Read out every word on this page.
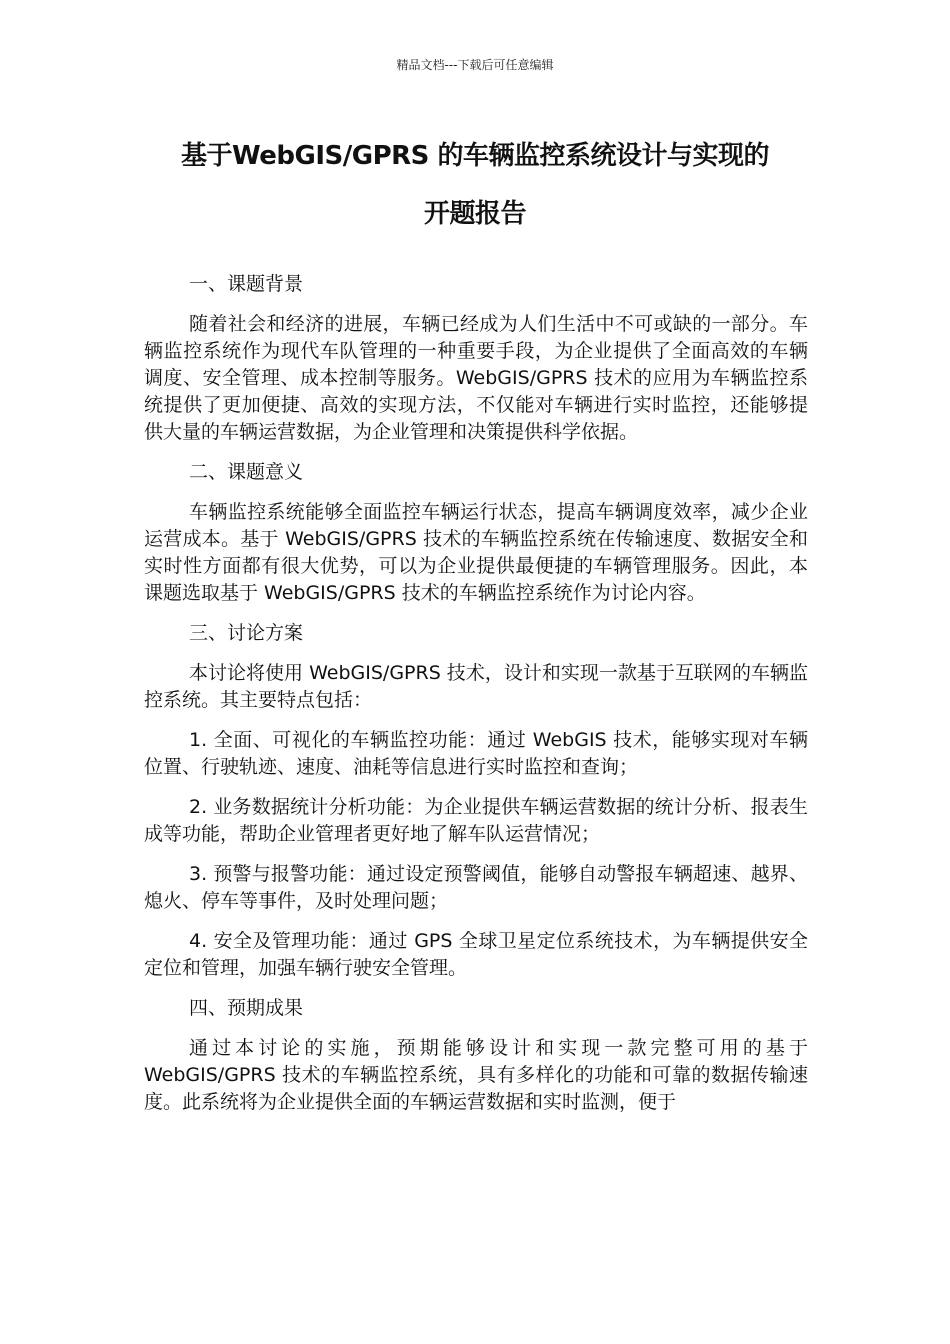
精品文档---下载后可任意编辑
基于WebGIS/GPRS 的车辆监控系统设计与实现的
开题报告

一、课题背景

随着社会和经济的进展，车辆已经成为人们生活中不可或缺的一部分。车辆监控系统作为现代车队管理的一种重要手段，为企业提供了全面高效的车辆调度、安全管理、成本控制等服务。WebGIS/GPRS 技术的应用为车辆监控系统提供了更加便捷、高效的实现方法，不仅能对车辆进行实时监控，还能够提供大量的车辆运营数据，为企业管理和决策提供科学依据。

二、课题意义

车辆监控系统能够全面监控车辆运行状态，提高车辆调度效率，减少企业运营成本。基于 WebGIS/GPRS 技术的车辆监控系统在传输速度、数据安全和实时性方面都有很大优势，可以为企业提供最便捷的车辆管理服务。因此，本课题选取基于 WebGIS/GPRS 技术的车辆监控系统作为讨论内容。

三、讨论方案

本讨论将使用 WebGIS/GPRS 技术，设计和实现一款基于互联网的车辆监控系统。其主要特点包括：

1. 全面、可视化的车辆监控功能：通过 WebGIS 技术，能够实现对车辆位置、行驶轨迹、速度、油耗等信息进行实时监控和查询；

2. 业务数据统计分析功能：为企业提供车辆运营数据的统计分析、报表生成等功能，帮助企业管理者更好地了解车队运营情况；

3. 预警与报警功能：通过设定预警阈值，能够自动警报车辆超速、越界、熄火、停车等事件，及时处理问题；

4. 安全及管理功能：通过 GPS 全球卫星定位系统技术，为车辆提供安全定位和管理，加强车辆行驶安全管理。

四、预期成果

通过本讨论的实施，预期能够设计和实现一款完整可用的基于 WebGIS/GPRS 技术的车辆监控系统，具有多样化的功能和可靠的数据传输速度。此系统将为企业提供全面的车辆运营数据和实时监测，便于
